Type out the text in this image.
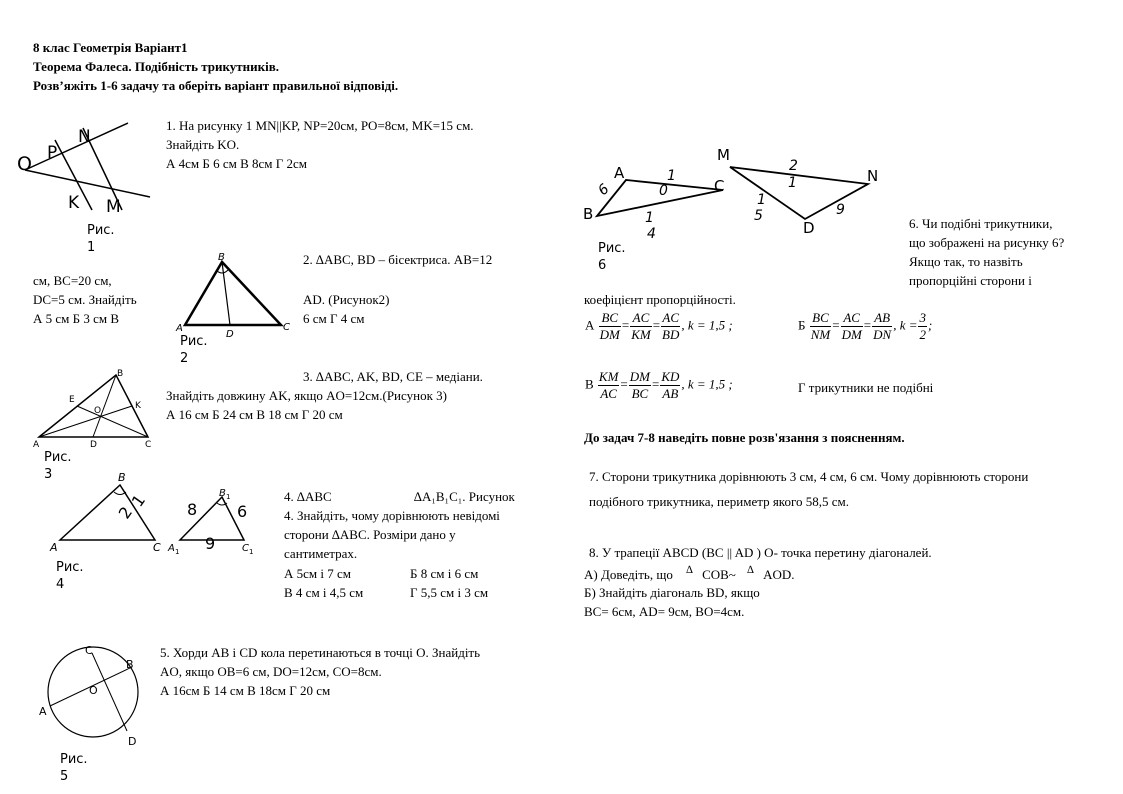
8 клас Геометрія Варіант1
Теорема Фалеса. Подібність трикутників.
Розв’яжіть 1-6 задачу та оберіть варіант правильної відповіді.
O P
N
K M
Рис.
1
1. На рисунку 1 MN||KP, NP=20см, PO=8см, MK=15 см.
Знайдіть KO.
А 4см Б 6 см В 8см Г 2см
A
B
C
D
Рис.
2
2. ∆ABC, BD – бісектриса. AB=12
см, BC=20 см,
DC=5 см. Знайдіть
А 5 см Б 3 см В
AD. (Рисунок2)
6 см Г 4 см
A
B
C
D
E
K
O
Рис.
3
3. ∆ABC, AK, BD, CE – медіани.
Знайдіть довжину AK, якщо AO=12см.(Рисунок 3)
А 16 см Б 24 см В 18 см Г 20 см
A
B
C
1
2
A 1
B 1
C 1
8 6
9
Рис.
4
4. ∆ABC	∆A₁B₁C₁. Рисунок
4. Знайдіть, чому дорівнюють невідомі
сторони ∆ABC. Розміри дано у
сантиметрах.
А 5см і 7 см	Б 8 см і 6 см
В 4 см і 4,5 см	Г 5,5 см і 3 см
A
B
C
D
O
Рис.
5
5. Хорди AB і CD кола перетинаються в точці O. Знайдіть
AO, якщо OB=6 см, DO=12см, CO=8см.
А 16см Б 14 см В 18см Г 20 см
A
B
C
6
1
0
1
4
M
N
D
2
1
1
5	9
Рис.
6
6. Чи подібні трикутники,
що зображені на рисунку 6?
Якщо так, то назвіть
пропорційні сторони і
коефіцієнт пропорційності.
А $\frac{BC}{DM} = \frac{AC}{KM} = \frac{AC}{BD}$ , k = 1,5 ;	Б $\frac{BC}{NM} = \frac{AC}{DM} = \frac{AB}{DN}$ , $k = \frac{3}{2}$ ;
В $\frac{KM}{AC} = \frac{DM}{BC} = \frac{KD}{AB}$ , k = 1,5 ;	Г трикутники не подібні
До задач 7-8 наведіть повне розв'язання з поясненням.
7. Сторони трикутника дорівнюють 3 см, 4 см, 6 см. Чому дорівнюють сторони
подібного трикутника, периметр якого 58,5 см.
8. У трапеції ABCD (BC || AD ) O- точка перетину діагоналей.
А) Доведіть, що ∆ COB~ ∆ AOD.
Б) Знайдіть діагональ BD, якщо
BC= 6см, AD= 9см, BO=4см.
